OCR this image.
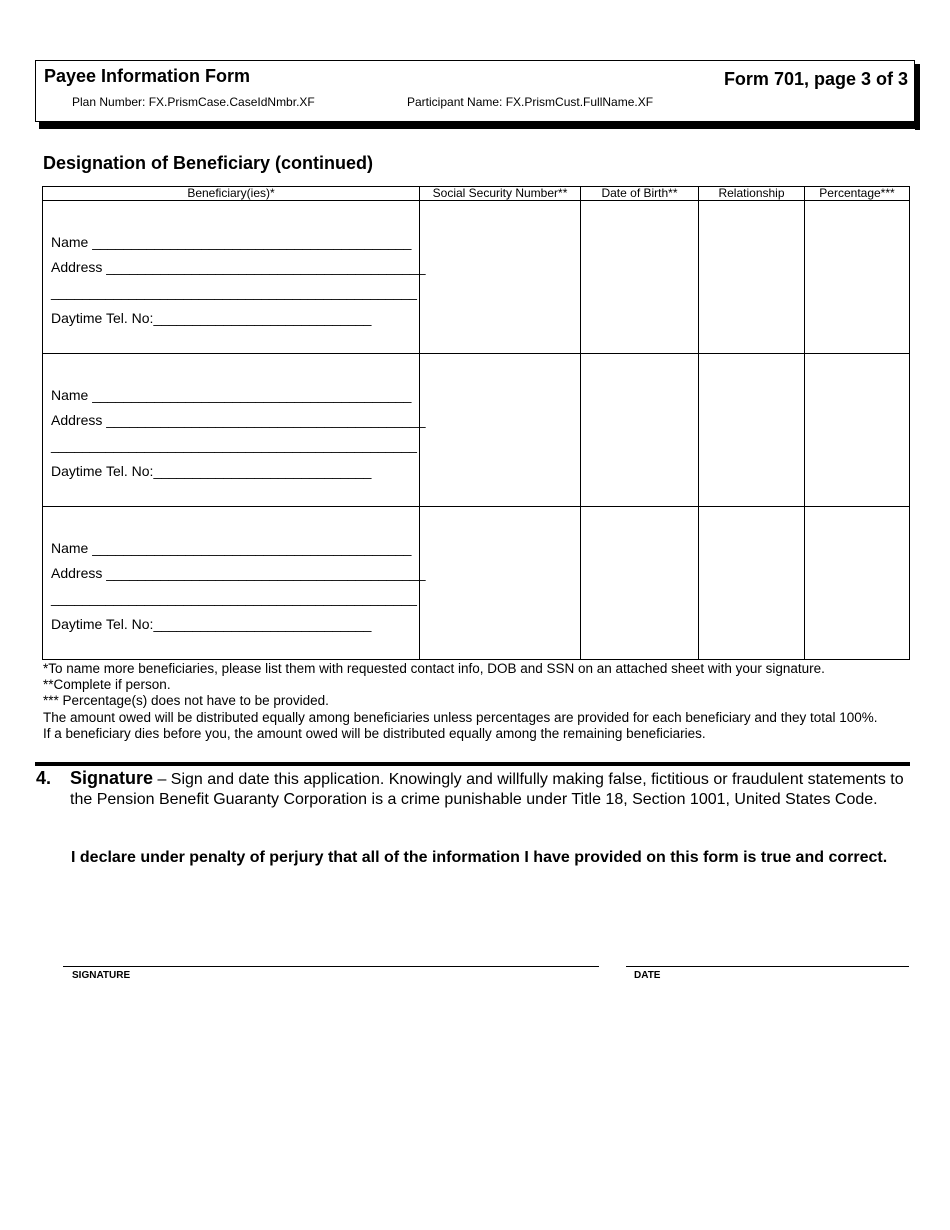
Payee Information Form	Form 701, page 3 of 3
Plan Number: FX.PrismCase.CaseIdNmbr.XF	Participant Name: FX.PrismCust.FullName.XF
Designation of Beneficiary (continued)
Beneficiary(ies)*	Social Security Number**	Date of Birth**	Relationship	Percentage***

Name _________________________________________
Address _________________________________________
_______________________________________________
Daytime Tel. No:____________________________				

Name _________________________________________
Address _________________________________________
_______________________________________________
Daytime Tel. No:____________________________				

Name _________________________________________
Address _________________________________________
_______________________________________________
Daytime Tel. No:____________________________				

*To name more beneficiaries, please list them with requested contact info, DOB and SSN on an attached sheet with your signature.
**Complete if person.
*** Percentage(s) does not have to be provided.
The amount owed will be distributed equally among beneficiaries unless percentages are provided for each beneficiary and they total 100%.
If a beneficiary dies before you, the amount owed will be distributed equally among the remaining beneficiaries.
4. Signature – Sign and date this application. Knowingly and willfully making false, fictitious or fraudulent statements to the Pension Benefit Guaranty Corporation is a crime punishable under Title 18, Section 1001, United States Code.
I declare under penalty of perjury that all of the information I have provided on this form is true and correct.
SIGNATURE	DATE
